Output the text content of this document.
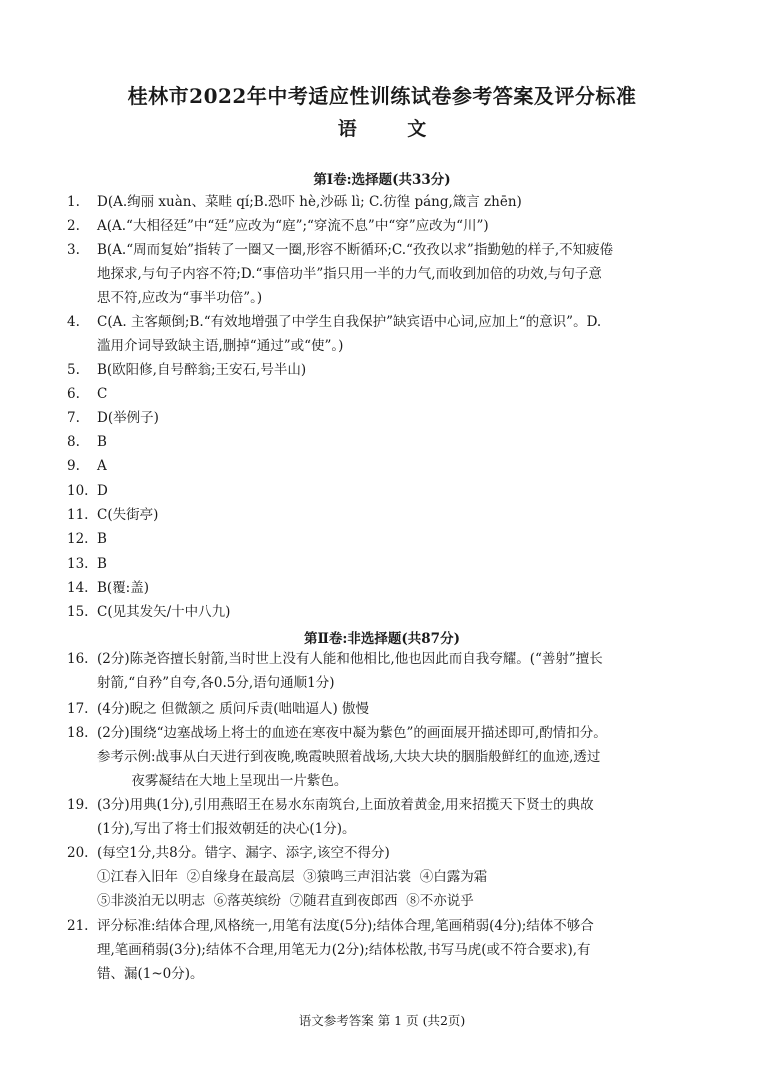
桂林市2022年中考适应性训练试卷参考答案及评分标准
语 文
第Ⅰ卷:选择题(共33分)
第Ⅱ卷:非选择题(共87分)
1.	D(A.绚丽 xuàn、菜畦 qí;B.恐吓 hè,沙砾 lì; C.彷徨 páng,箴言 zhēn)
2.	A(A.“大相径廷”中“廷”应改为“庭”;“穿流不息”中“穿”应改为“川”)
3.	B(A.“周而复始”指转了一圈又一圈,形容不断循环;C.“孜孜以求”指勤勉的样子,不知疲倦
地探求,与句子内容不符;D.“事倍功半”指只用一半的力气,而收到加倍的功效,与句子意
思不符,应改为“事半功倍”。)
4.	C(A. 主客颠倒;B.“有效地增强了中学生自我保护”缺宾语中心词,应加上“的意识”。D.
滥用介词导致缺主语,删掉“通过”或“使”。)
5.	B(欧阳修,自号醉翁;王安石,号半山)
6.	C
7.	D(举例子)
8.	B
9.	A
10. D
11. C(失街亭)
12. B
13. B
14. B(覆:盖)
15. C(见其发矢/十中八九)
16. (2分)陈尧咨擅长射箭,当时世上没有人能和他相比,他也因此而自我夸耀。(“善射”擅长
射箭,“自矜”自夸,各0.5分,语句通顺1分)
17. (4分)睨之 但微颔之 质问斥责(咄咄逼人) 傲慢
18. (2分)围绕“边塞战场上将士的血迹在寒夜中凝为紫色”的画面展开描述即可,酌情扣分。
参考示例:战事从白天进行到夜晚,晚霞映照着战场,大块大块的胭脂般鲜红的血迹,透过
夜雾凝结在大地上呈现出一片紫色。
19. (3分)用典(1分),引用燕昭王在易水东南筑台,上面放着黄金,用来招揽天下贤士的典故
(1分),写出了将士们报效朝廷的决心(1分)。
20. (每空1分,共8分。错字、漏字、添字,该空不得分)
①江春入旧年  ②自缘身在最高层  ③猿鸣三声泪沾裳  ④白露为霜
⑤非淡泊无以明志  ⑥落英缤纷  ⑦随君直到夜郎西  ⑧不亦说乎
21. 评分标准:结体合理,风格统一,用笔有法度(5分);结体合理,笔画稍弱(4分);结体不够合
理,笔画稍弱(3分);结体不合理,用笔无力(2分);结体松散,书写马虎(或不符合要求),有
错、漏(1~0分)。
语文参考答案 第 1 页 (共2页)
